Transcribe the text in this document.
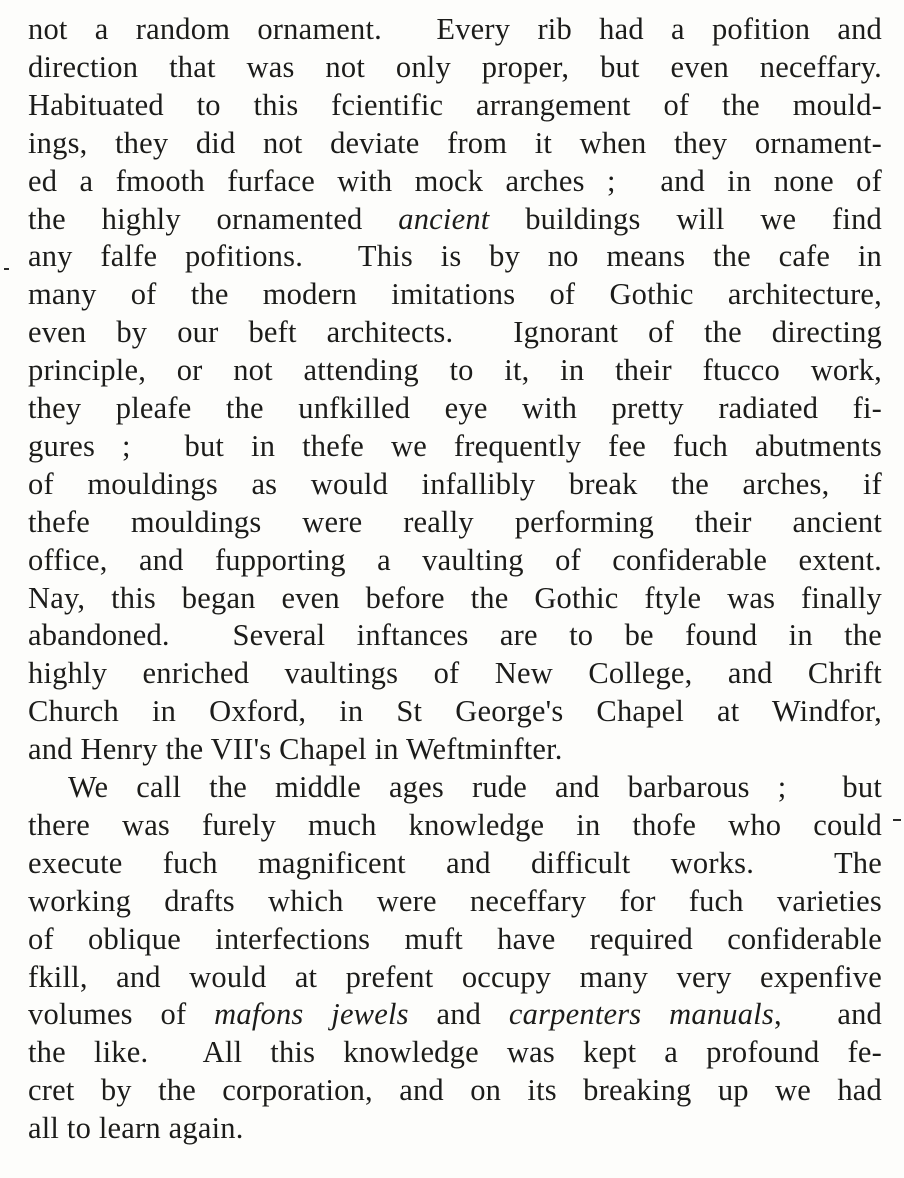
not a random ornament.  Every rib had a pofition and
direction that was not only proper, but even neceffary.
Habituated to this fcientific arrangement of the mould-
ings, they did not deviate from it when they ornament-
ed a fmooth furface with mock arches ;  and in none of
the highly ornamented ancient buildings will we find
any falfe pofitions.  This is by no means the cafe in
many of the modern imitations of Gothic architecture,
even by our beft architects.  Ignorant of the directing
principle, or not attending to it, in their ftucco work,
they pleafe the unfkilled eye with pretty radiated fi-
gures ;  but in thefe we frequently fee fuch abutments
of mouldings as would infallibly break the arches, if
thefe mouldings were really performing their ancient
office, and fupporting a vaulting of confiderable extent.
Nay, this began even before the Gothic ftyle was finally
abandoned.  Several inftances are to be found in the
highly enriched vaultings of New College, and Chrift
Church in Oxford, in St George's Chapel at Windfor,
and Henry the VII's Chapel in Weftminfter.
We call the middle ages rude and barbarous ;  but
there was furely much knowledge in thofe who could
execute fuch magnificent and difficult works.  The
working drafts which were neceffary for fuch varieties
of oblique interfections muft have required confiderable
fkill, and would at prefent occupy many very expenfive
volumes of mafons jewels and carpenters manuals,  and
the like.  All this knowledge was kept a profound fe-
cret by the corporation, and on its breaking up we had
all to learn again.
